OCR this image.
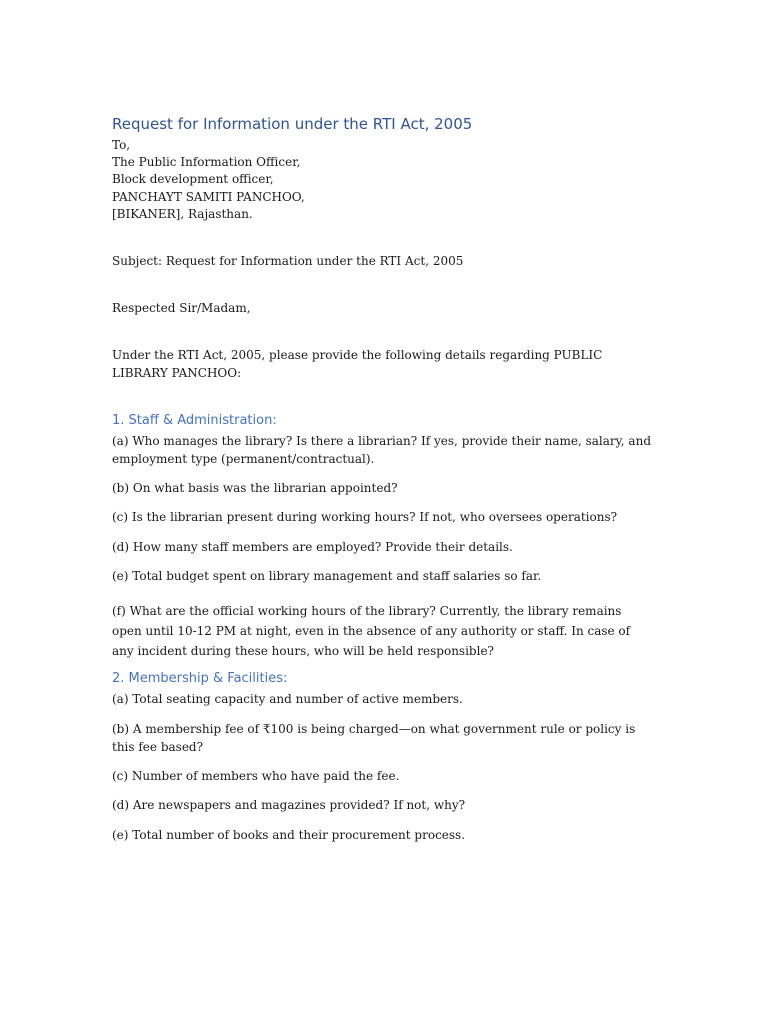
Request for Information under the RTI Act, 2005
To,
The Public Information Officer,
Block development officer,
PANCHAYT SAMITI PANCHOO,
[BIKANER], Rajasthan.
Subject: Request for Information under the RTI Act, 2005
Respected Sir/Madam,
Under the RTI Act, 2005, please provide the following details regarding PUBLIC LIBRARY PANCHOO:
1. Staff & Administration:
(a) Who manages the library? Is there a librarian? If yes, provide their name, salary, and employment type (permanent/contractual).
(b) On what basis was the librarian appointed?
(c) Is the librarian present during working hours? If not, who oversees operations?
(d) How many staff members are employed? Provide their details.
(e) Total budget spent on library management and staff salaries so far.
(f) What are the official working hours of the library? Currently, the library remains open until 10-12 PM at night, even in the absence of any authority or staff. In case of any incident during these hours, who will be held responsible?
2. Membership & Facilities:
(a) Total seating capacity and number of active members.
(b) A membership fee of ₹100 is being charged—on what government rule or policy is this fee based?
(c) Number of members who have paid the fee.
(d) Are newspapers and magazines provided? If not, why?
(e) Total number of books and their procurement process.
